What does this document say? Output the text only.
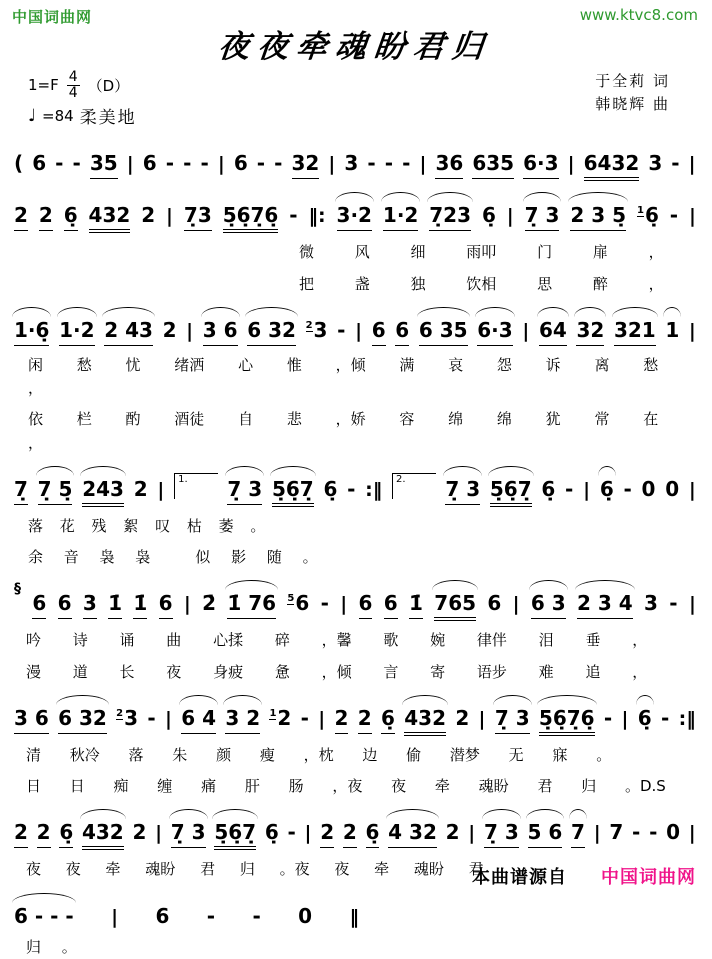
中国词曲网	www.ktvc8.com
夜夜牵魂盼君归
$1=F \frac{4}{4} (D)$
♩ =84 柔美地
于全莉 词
韩晓辉 曲
( 6 - - 35 | 6 - - - | 6 - - 32 | 3 - - - | 36 635 6·3 | 6432 3 - |
2 2 6̣ 432 2 | 7̣3 5̣6̣7̣6̣ - ‖: 3·2 1·2 7̣23 6̣ | 7̣ 3 2 3 5̣ $^1$6̣ - |
微 风 细 雨叩 门 扉 ，
把 盏 独 饮相 思 醉 ，
1·6̣ 1·2 2 43 2 | 3 6 6 32 $^2$3 - | 6 6 6 35 6·3 | 64 32 321 1 |
闲 愁 忧 绪洒 心 惟 ，倾 满 哀 怨 诉 离 愁 ，
依 栏 酌 酒徒 自 悲 ，娇 容 绵 绵 犹 常 在 ，
7̣ 7̣ 5̣ 243 2 |	1.	7̣ 3 5̣6̣7̣ 6̣ - :‖	2.	7̣ 3 5̣6̣7̣ 6̣ - | 6̣ - 0 0 |
落 花 残 絮 叹 枯 萎 。
余 音 袅 袅　　　似 影 随 。
§
6 6 3 1̇ 1̇ 6 | 2̇ 1̇ 76 $^5$6 - | 6 6 1̇ 765 6 | 6 3 2 3 4 3 - |
吟 诗 诵 曲 心揉 碎 ，馨 歌 婉 律伴 泪 垂 ，
漫 道 长 夜 身疲 惫 ，倾 言 寄 语步 难 追 ，
3 6 6 32 $^2$3 - | 6 4 3 2 $^1$2 - | 2 2 6̣ 432 2 | 7̣ 3 5̣6̣7̣6̣ - | 6̣ - :‖
清 秋冷 落 朱 颜 瘦 ，枕 边 偷 潜梦 无 寐 。
日 日 痴 缠 痛 肝 肠 ，夜 夜 牵 魂盼 君 归 。D.S
2 2 6̣ 432 2 | 7̣ 3 5̣6̣7̣ 6̣ - | 2 2 6̣ 4 32 2 | 7̣ 3 5 6 7 | 7 - - 0 |
夜 夜 牵 魂盼 君 归 。夜 夜 牵 魂盼 君
6 - - - | 6 - - 0 ‖
归 。
本曲谱源自 中国词曲网
